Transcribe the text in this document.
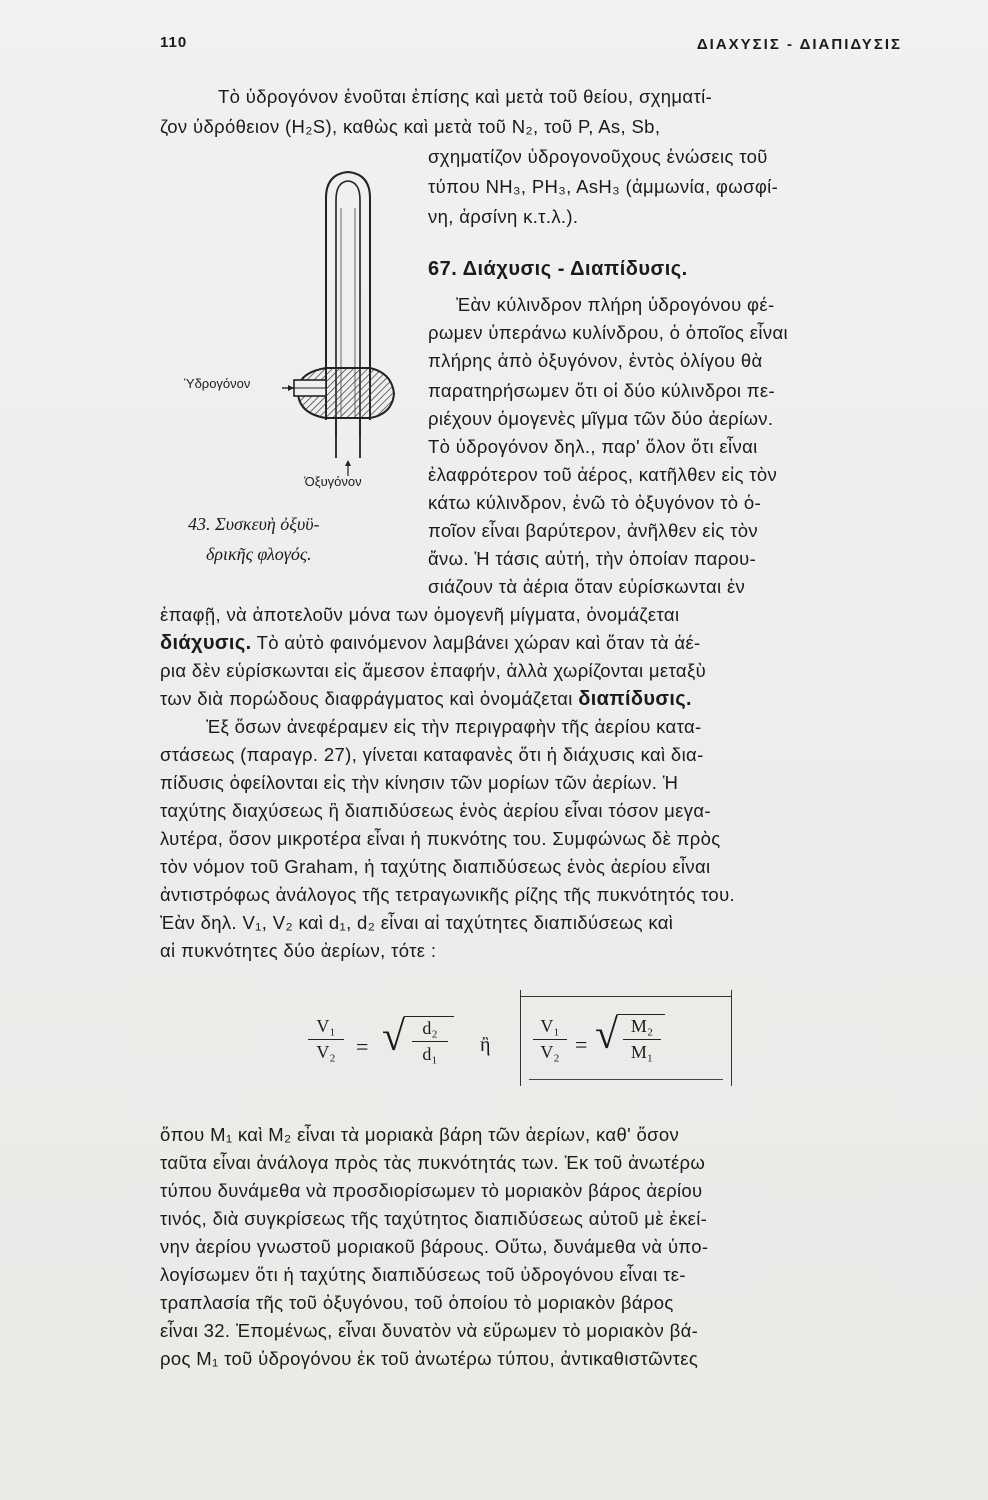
110	ΔΙΑΧΥΣΙΣ - ΔΙΑΠΙΔΥΣΙΣ
Τὸ ὑδρογόνον ἑνοῦται ἐπίσης καὶ μετὰ τοῦ θείου, σχηματί-
ζον ὑδρόθειον (H₂S), καθὼς καὶ μετὰ τοῦ N₂, τοῦ P, As, Sb,
σχηματίζον ὑδρογονοῦχους ἑνώσεις τοῦ
τύπου NH₃, PH₃, AsH₃ (ἀμμωνία, φωσφί-
νη, ἀρσίνη κ.τ.λ.).
67. Διάχυσις - Διαπίδυσις.
Ἐὰν κύλινδρον πλήρη ὑδρογόνου φέ-
ρωμεν ὑπεράνω κυλίνδρου, ὁ ὁποῖος εἶναι
πλήρης ἀπὸ ὀξυγόνον, ἐντὸς ὀλίγου θὰ
παρατηρήσωμεν ὅτι οἱ δύο κύλινδροι πε-
ριέχουν ὁμογενὲς μῖγμα τῶν δύο ἀερίων.
Τὸ ὑδρογόνον δηλ., παρ' ὅλον ὅτι εἶναι
ἐλαφρότερον τοῦ ἀέρος, κατῆλθεν εἰς τὸν
κάτω κύλινδρον, ἐνῶ τὸ ὀξυγόνον τὸ ὁ-
ποῖον εἶναι βαρύτερον, ἀνῆλθεν εἰς τὸν
ἄνω. Ἡ τάσις αὐτή, τὴν ὁποίαν παρου-
σιάζουν τὰ ἀέρια ὅταν εὑρίσκωνται ἐν
Ὑδρογόνον
Ὀξυγόνον
43. Συσκευὴ ὀξυϋ-
δρικῆς φλογός.
ἐπαφῇ, νὰ ἀποτελοῦν μόνα των ὁμογενῆ μίγματα, ὀνομάζεται
διάχυσις. Τὸ αὐτὸ φαινόμενον λαμβάνει χώραν καὶ ὅταν τὰ ἀέ-
ρια δὲν εὑρίσκωνται εἰς ἄμεσον ἐπαφήν, ἀλλὰ χωρίζονται μεταξὺ
των διὰ πορώδους διαφράγματος καὶ ὀνομάζεται διαπίδυσις.
Ἐξ ὅσων ἀνεφέραμεν εἰς τὴν περιγραφὴν τῆς ἀερίου κατα-
στάσεως (παραγρ. 27), γίνεται καταφανὲς ὅτι ἡ διάχυσις καὶ δια-
πίδυσις ὀφείλονται εἰς τὴν κίνησιν τῶν μορίων τῶν ἀερίων. Ἡ
ταχύτης διαχύσεως ἢ διαπιδύσεως ἑνὸς ἀερίου εἶναι τόσον μεγα-
λυτέρα, ὅσον μικροτέρα εἶναι ἡ πυκνότης του. Συμφώνως δὲ πρὸς
τὸν νόμον τοῦ Graham, ἡ ταχύτης διαπιδύσεως ἑνὸς ἀερίου εἶναι
ἀντιστρόφως ἀνάλογος τῆς τετραγωνικῆς ρίζης τῆς πυκνότητός του.
Ἐὰν δηλ. V₁, V₂ καὶ d₁, d₂ εἶναι αἱ ταχύτητες διαπιδύσεως καὶ
αἱ πυκνότητες δύο ἀερίων, τότε :
V₁
V₂ = √ d₂
d₁	ἢ
V₁
V₂ = √ M₂
M₁
ὅπου M₁ καὶ M₂ εἶναι τὰ μοριακὰ βάρη τῶν ἀερίων, καθ' ὅσον
ταῦτα εἶναι ἀνάλογα πρὸς τὰς πυκνότητάς των. Ἐκ τοῦ ἀνωτέρω
τύπου δυνάμεθα νὰ προσδιορίσωμεν τὸ μοριακὸν βάρος ἀερίου
τινός, διὰ συγκρίσεως τῆς ταχύτητος διαπιδύσεως αὐτοῦ μὲ ἐκεί-
νην ἀερίου γνωστοῦ μοριακοῦ βάρους. Οὕτω, δυνάμεθα νὰ ὑπο-
λογίσωμεν ὅτι ἡ ταχύτης διαπιδύσεως τοῦ ὑδρογόνου εἶναι τε-
τραπλασία τῆς τοῦ ὀξυγόνου, τοῦ ὁποίου τὸ μοριακὸν βάρος
εἶναι 32. Ἐπομένως, εἶναι δυνατὸν νὰ εὕρωμεν τὸ μοριακὸν βά-
ρος M₁ τοῦ ὑδρογόνου ἐκ τοῦ ἀνωτέρω τύπου, ἀντικαθιστῶντες
